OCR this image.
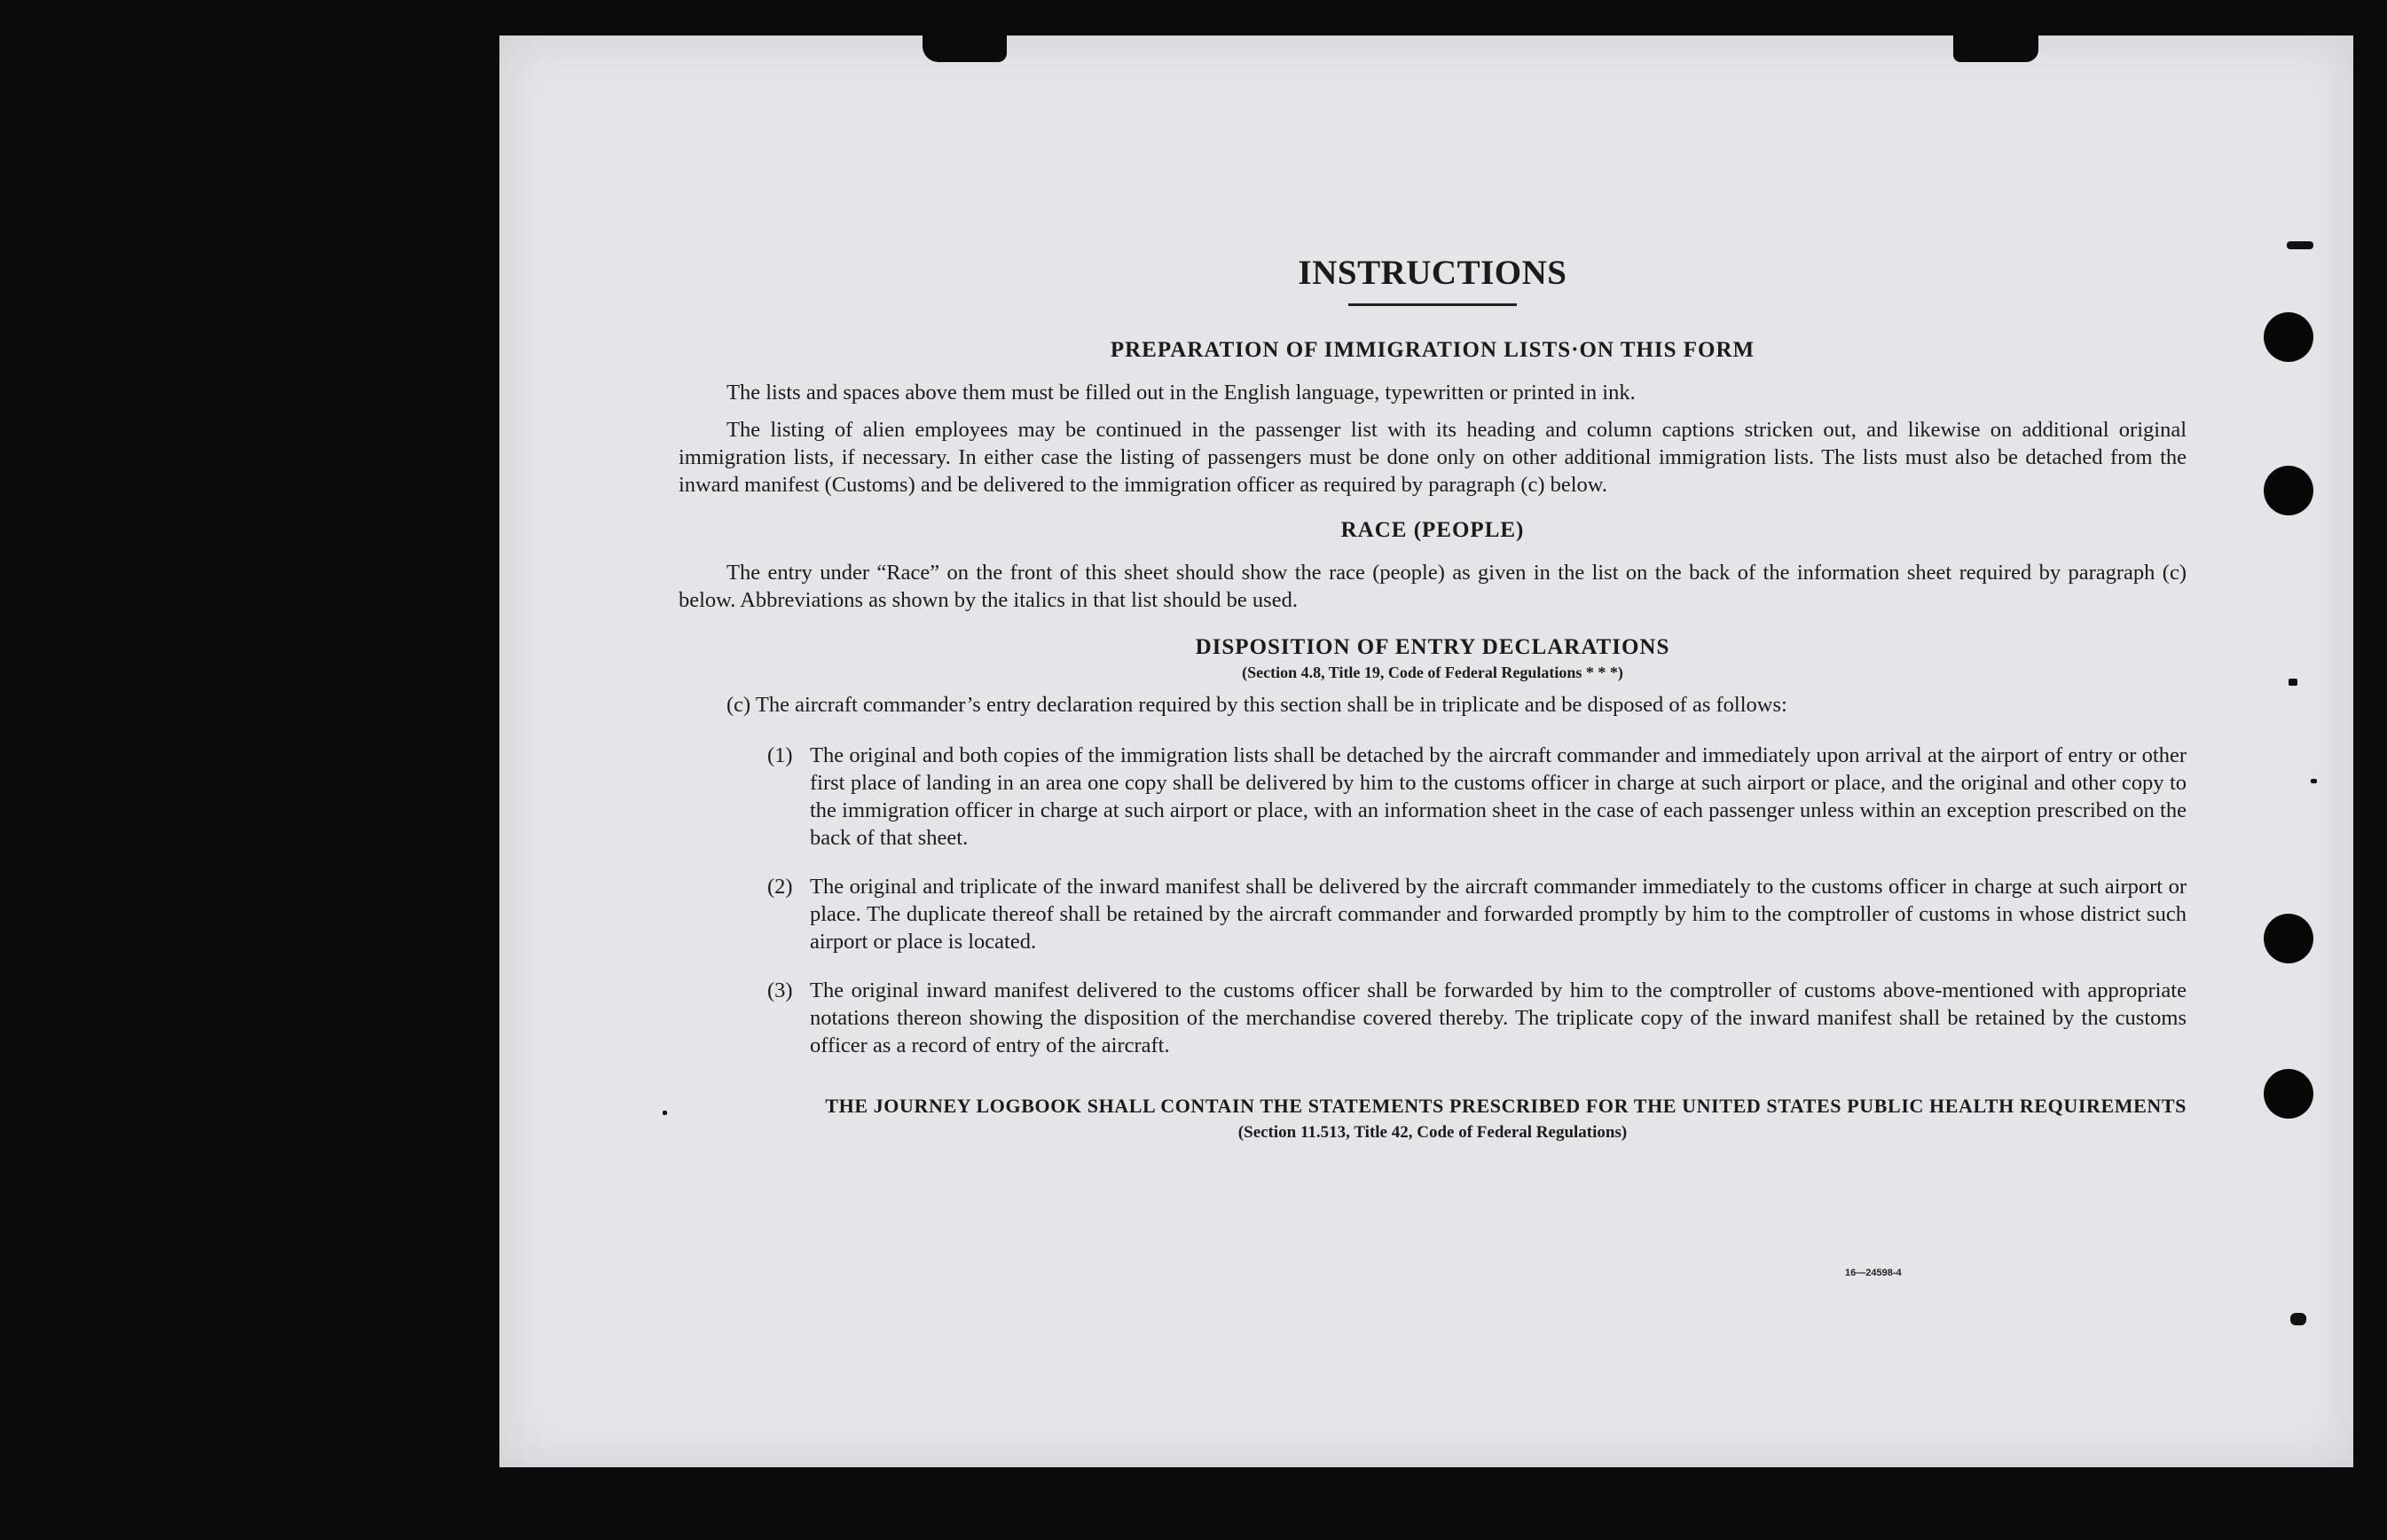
INSTRUCTIONS
PREPARATION OF IMMIGRATION LISTS·ON THIS FORM

The lists and spaces above them must be filled out in the English language, typewritten or printed in ink.

The listing of alien employees may be continued in the passenger list with its heading and column captions stricken out, and likewise on additional original immigration lists, if necessary. In either case the listing of passengers must be done only on other additional immigration lists. The lists must also be detached from the inward manifest (Customs) and be delivered to the immigration officer as required by paragraph (c) below.

RACE (PEOPLE)

The entry under “Race” on the front of this sheet should show the race (people) as given in the list on the back of the information sheet required by paragraph (c) below. Abbreviations as shown by the italics in that list should be used.

DISPOSITION OF ENTRY DECLARATIONS

(Section 4.8, Title 19, Code of Federal Regulations * * *)

(c) The aircraft commander’s entry declaration required by this section shall be in triplicate and be disposed of as follows:

(1) The original and both copies of the immigration lists shall be detached by the aircraft commander and immediately upon arrival at the airport of entry or other first place of landing in an area one copy shall be delivered by him to the customs officer in charge at such airport or place, and the original and other copy to the immigration officer in charge at such airport or place, with an information sheet in the case of each passenger unless within an exception prescribed on the back of that sheet.
(2) The original and triplicate of the inward manifest shall be delivered by the aircraft commander immediately to the customs officer in charge at such airport or place. The duplicate thereof shall be retained by the aircraft commander and forwarded promptly by him to the comptroller of customs in whose district such airport or place is located.
(3) The original inward manifest delivered to the customs officer shall be forwarded by him to the comptroller of customs above-mentioned with appropriate notations thereon showing the disposition of the merchandise covered thereby. The triplicate copy of the inward manifest shall be retained by the customs officer as a record of entry of the aircraft.

THE JOURNEY LOGBOOK SHALL CONTAIN THE STATEMENTS PRESCRIBED FOR THE UNITED STATES PUBLIC HEALTH REQUIREMENTS

(Section 11.513, Title 42, Code of Federal Regulations)

16—24598-4
